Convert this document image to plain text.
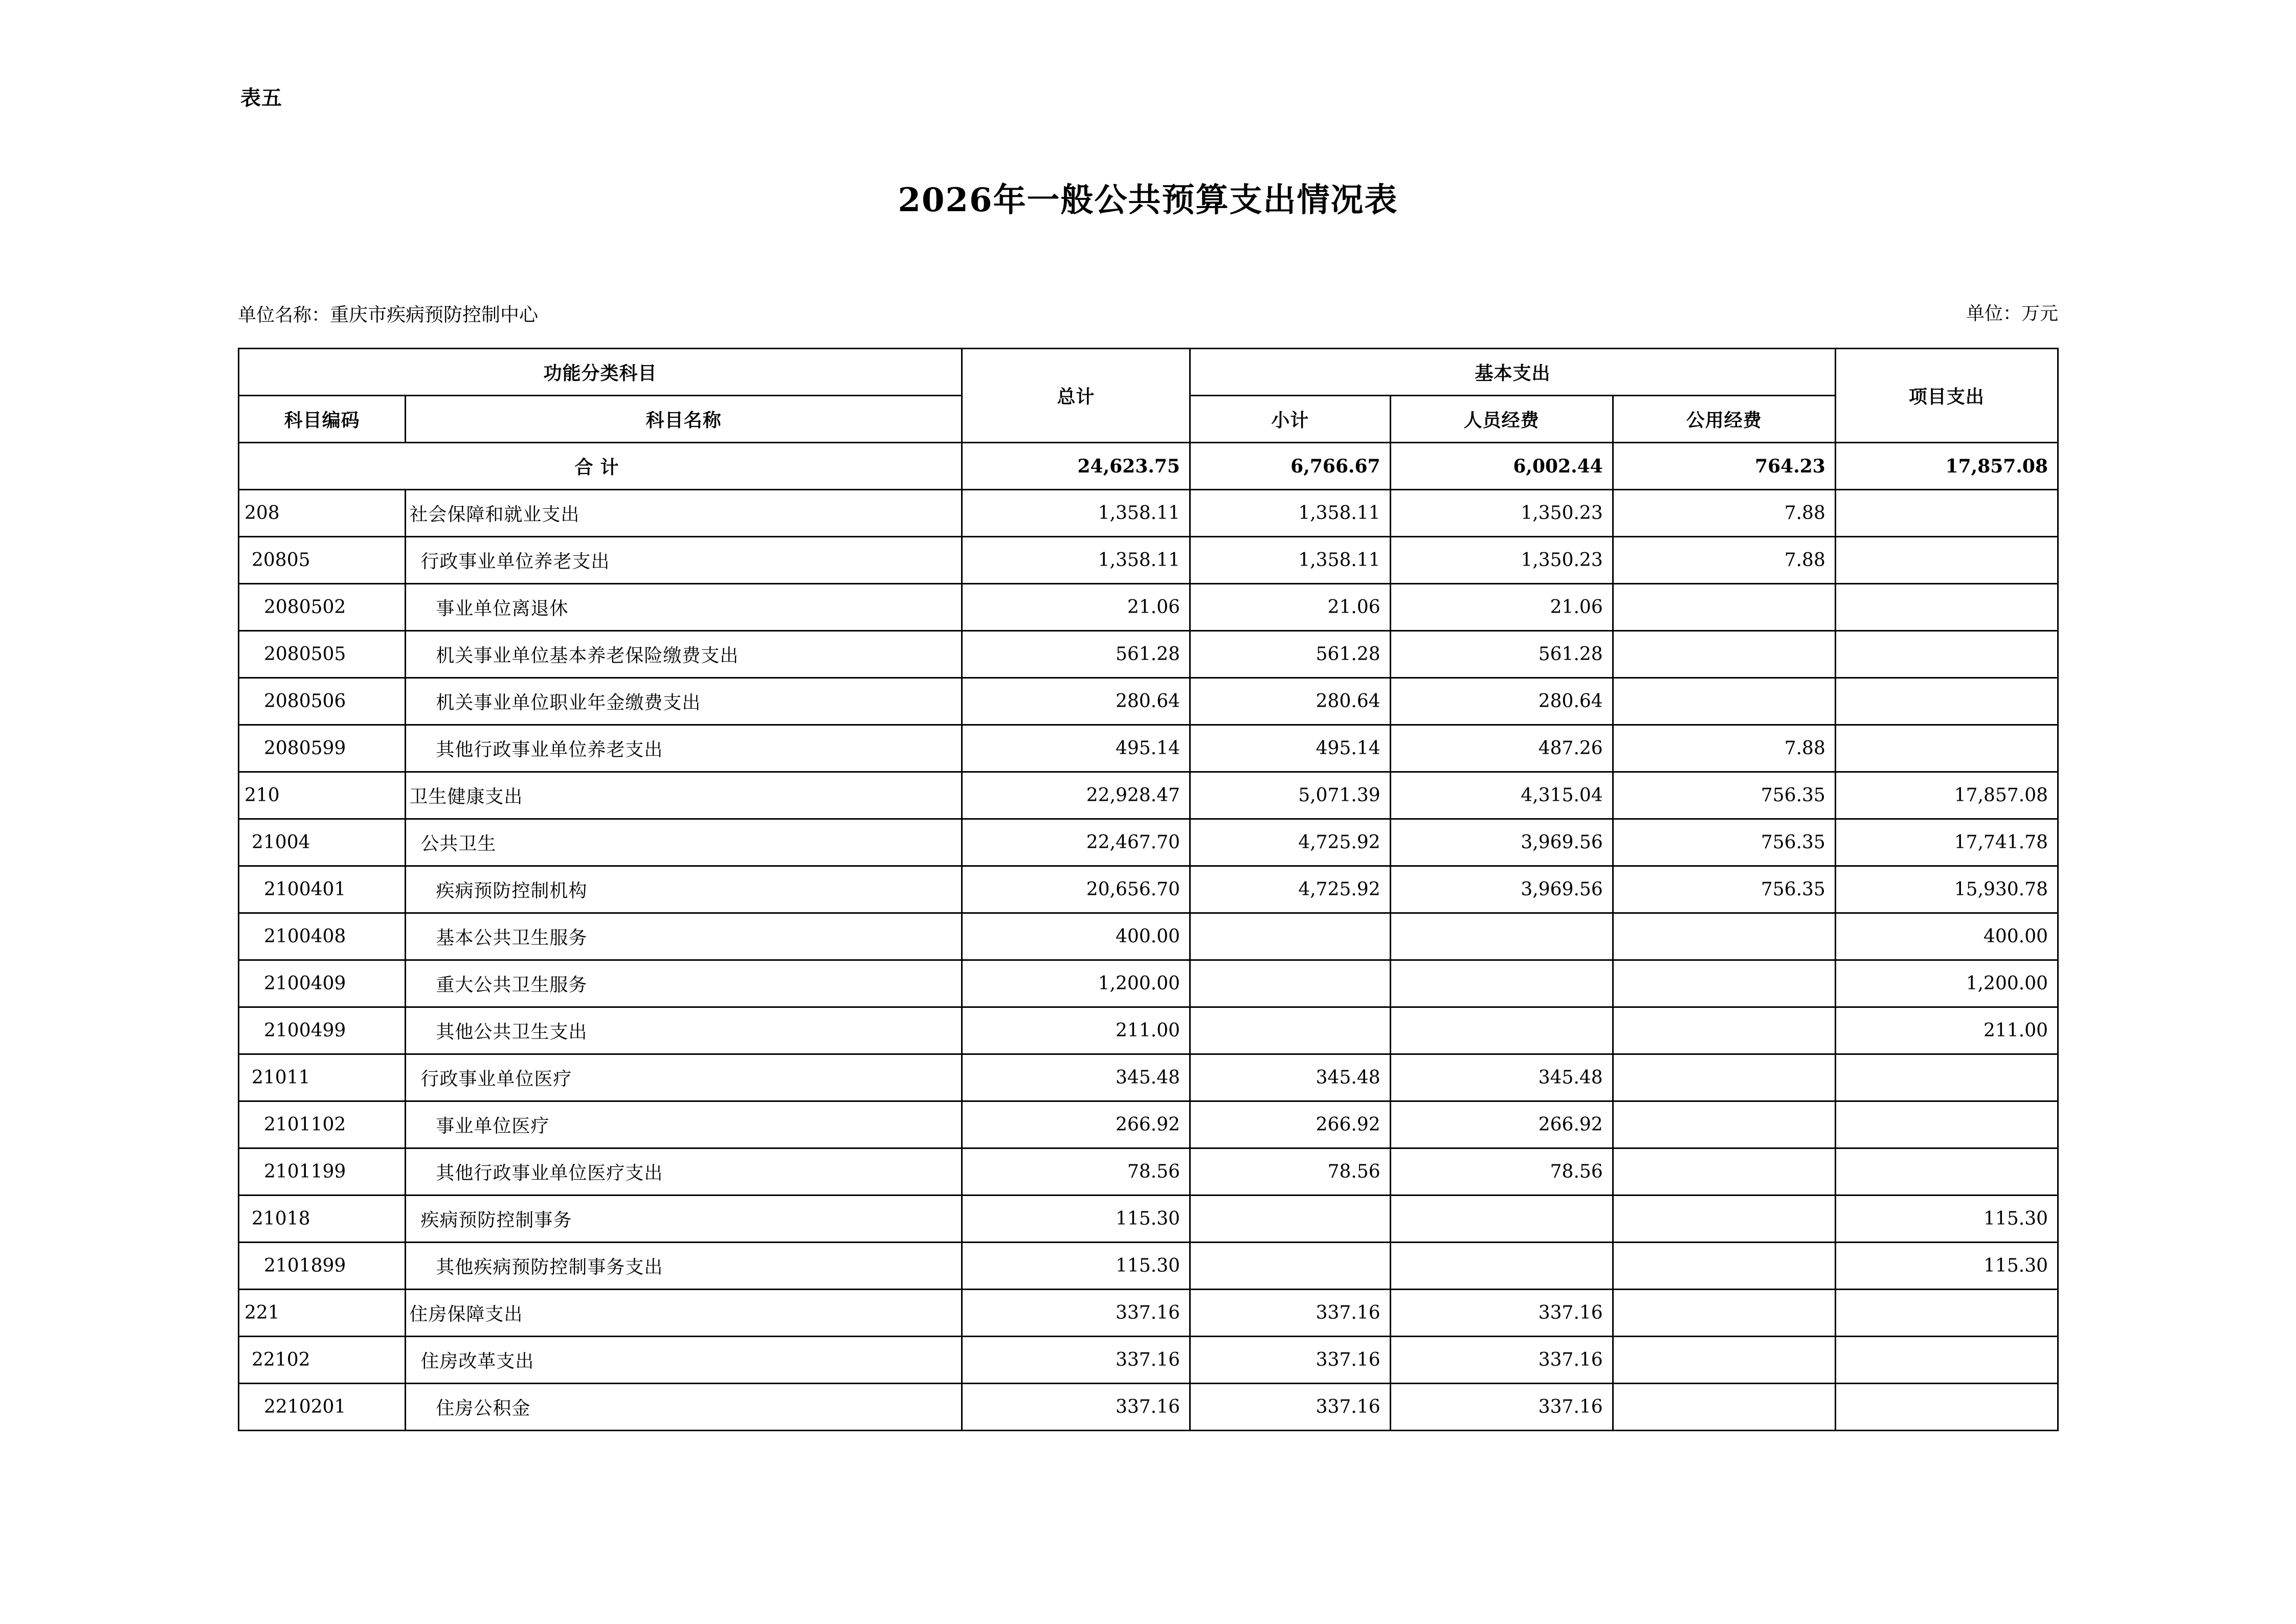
表五
2026年一般公共预算支出情况表
单位名称：重庆市疾病预防控制中心	单位：万元
功能分类科目		总计	基本支出			项目支出
科目编码	科目名称		小计	人员经费	公用经费	
合计		24,623.75	6,766.67	6,002.44	764.23	17,857.08
208	社会保障和就业支出	1,358.11	1,358.11	1,350.23	7.88	
20805	行政事业单位养老支出	1,358.11	1,358.11	1,350.23	7.88	
2080502	事业单位离退休	21.06	21.06	21.06		
2080505	机关事业单位基本养老保险缴费支出	561.28	561.28	561.28		
2080506	机关事业单位职业年金缴费支出	280.64	280.64	280.64		
2080599	其他行政事业单位养老支出	495.14	495.14	487.26	7.88	
210	卫生健康支出	22,928.47	5,071.39	4,315.04	756.35	17,857.08
21004	公共卫生	22,467.70	4,725.92	3,969.56	756.35	17,741.78
2100401	疾病预防控制机构	20,656.70	4,725.92	3,969.56	756.35	15,930.78
2100408	基本公共卫生服务	400.00				400.00
2100409	重大公共卫生服务	1,200.00				1,200.00
2100499	其他公共卫生支出	211.00				211.00
21011	行政事业单位医疗	345.48	345.48	345.48		
2101102	事业单位医疗	266.92	266.92	266.92		
2101199	其他行政事业单位医疗支出	78.56	78.56	78.56		
21018	疾病预防控制事务	115.30				115.30
2101899	其他疾病预防控制事务支出	115.30				115.30
221	住房保障支出	337.16	337.16	337.16		
22102	住房改革支出	337.16	337.16	337.16		
2210201	住房公积金	337.16	337.16	337.16		
